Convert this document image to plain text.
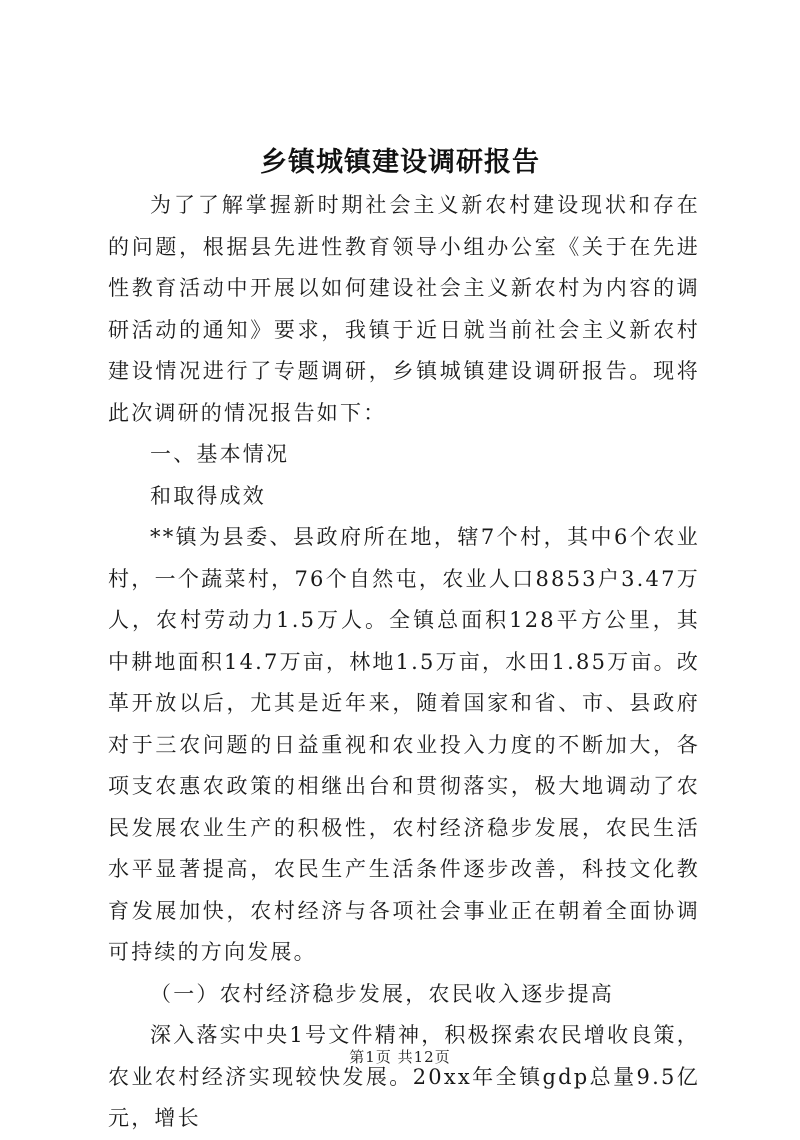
乡镇城镇建设调研报告

为了了解掌握新时期社会主义新农村建设现状和存在的问题，根据县先进性教育领导小组办公室《关于在先进性教育活动中开展以如何建设社会主义新农村为内容的调研活动的通知》要求，我镇于近日就当前社会主义新农村建设情况进行了专题调研，乡镇城镇建设调研报告。现将此次调研的情况报告如下：

一、基本情况

和取得成效

**镇为县委、县政府所在地，辖7个村，其中6个农业村，一个蔬菜村，76个自然屯，农业人口8853户3.47万人，农村劳动力1.5万人。全镇总面积128平方公里，其中耕地面积14.7万亩，林地1.5万亩，水田1.85万亩。改革开放以后，尤其是近年来，随着国家和省、市、县政府对于三农问题的日益重视和农业投入力度的不断加大，各项支农惠农政策的相继出台和贯彻落实，极大地调动了农民发展农业生产的积极性，农村经济稳步发展，农民生活水平显著提高，农民生产生活条件逐步改善，科技文化教育发展加快，农村经济与各项社会事业正在朝着全面协调可持续的方向发展。

（一）农村经济稳步发展，农民收入逐步提高

深入落实中央1号文件精神，积极探索农民增收良策，农业农村经济实现较快发展。20xx年全镇gdp总量9.5亿元，增长

第1页 共12页
